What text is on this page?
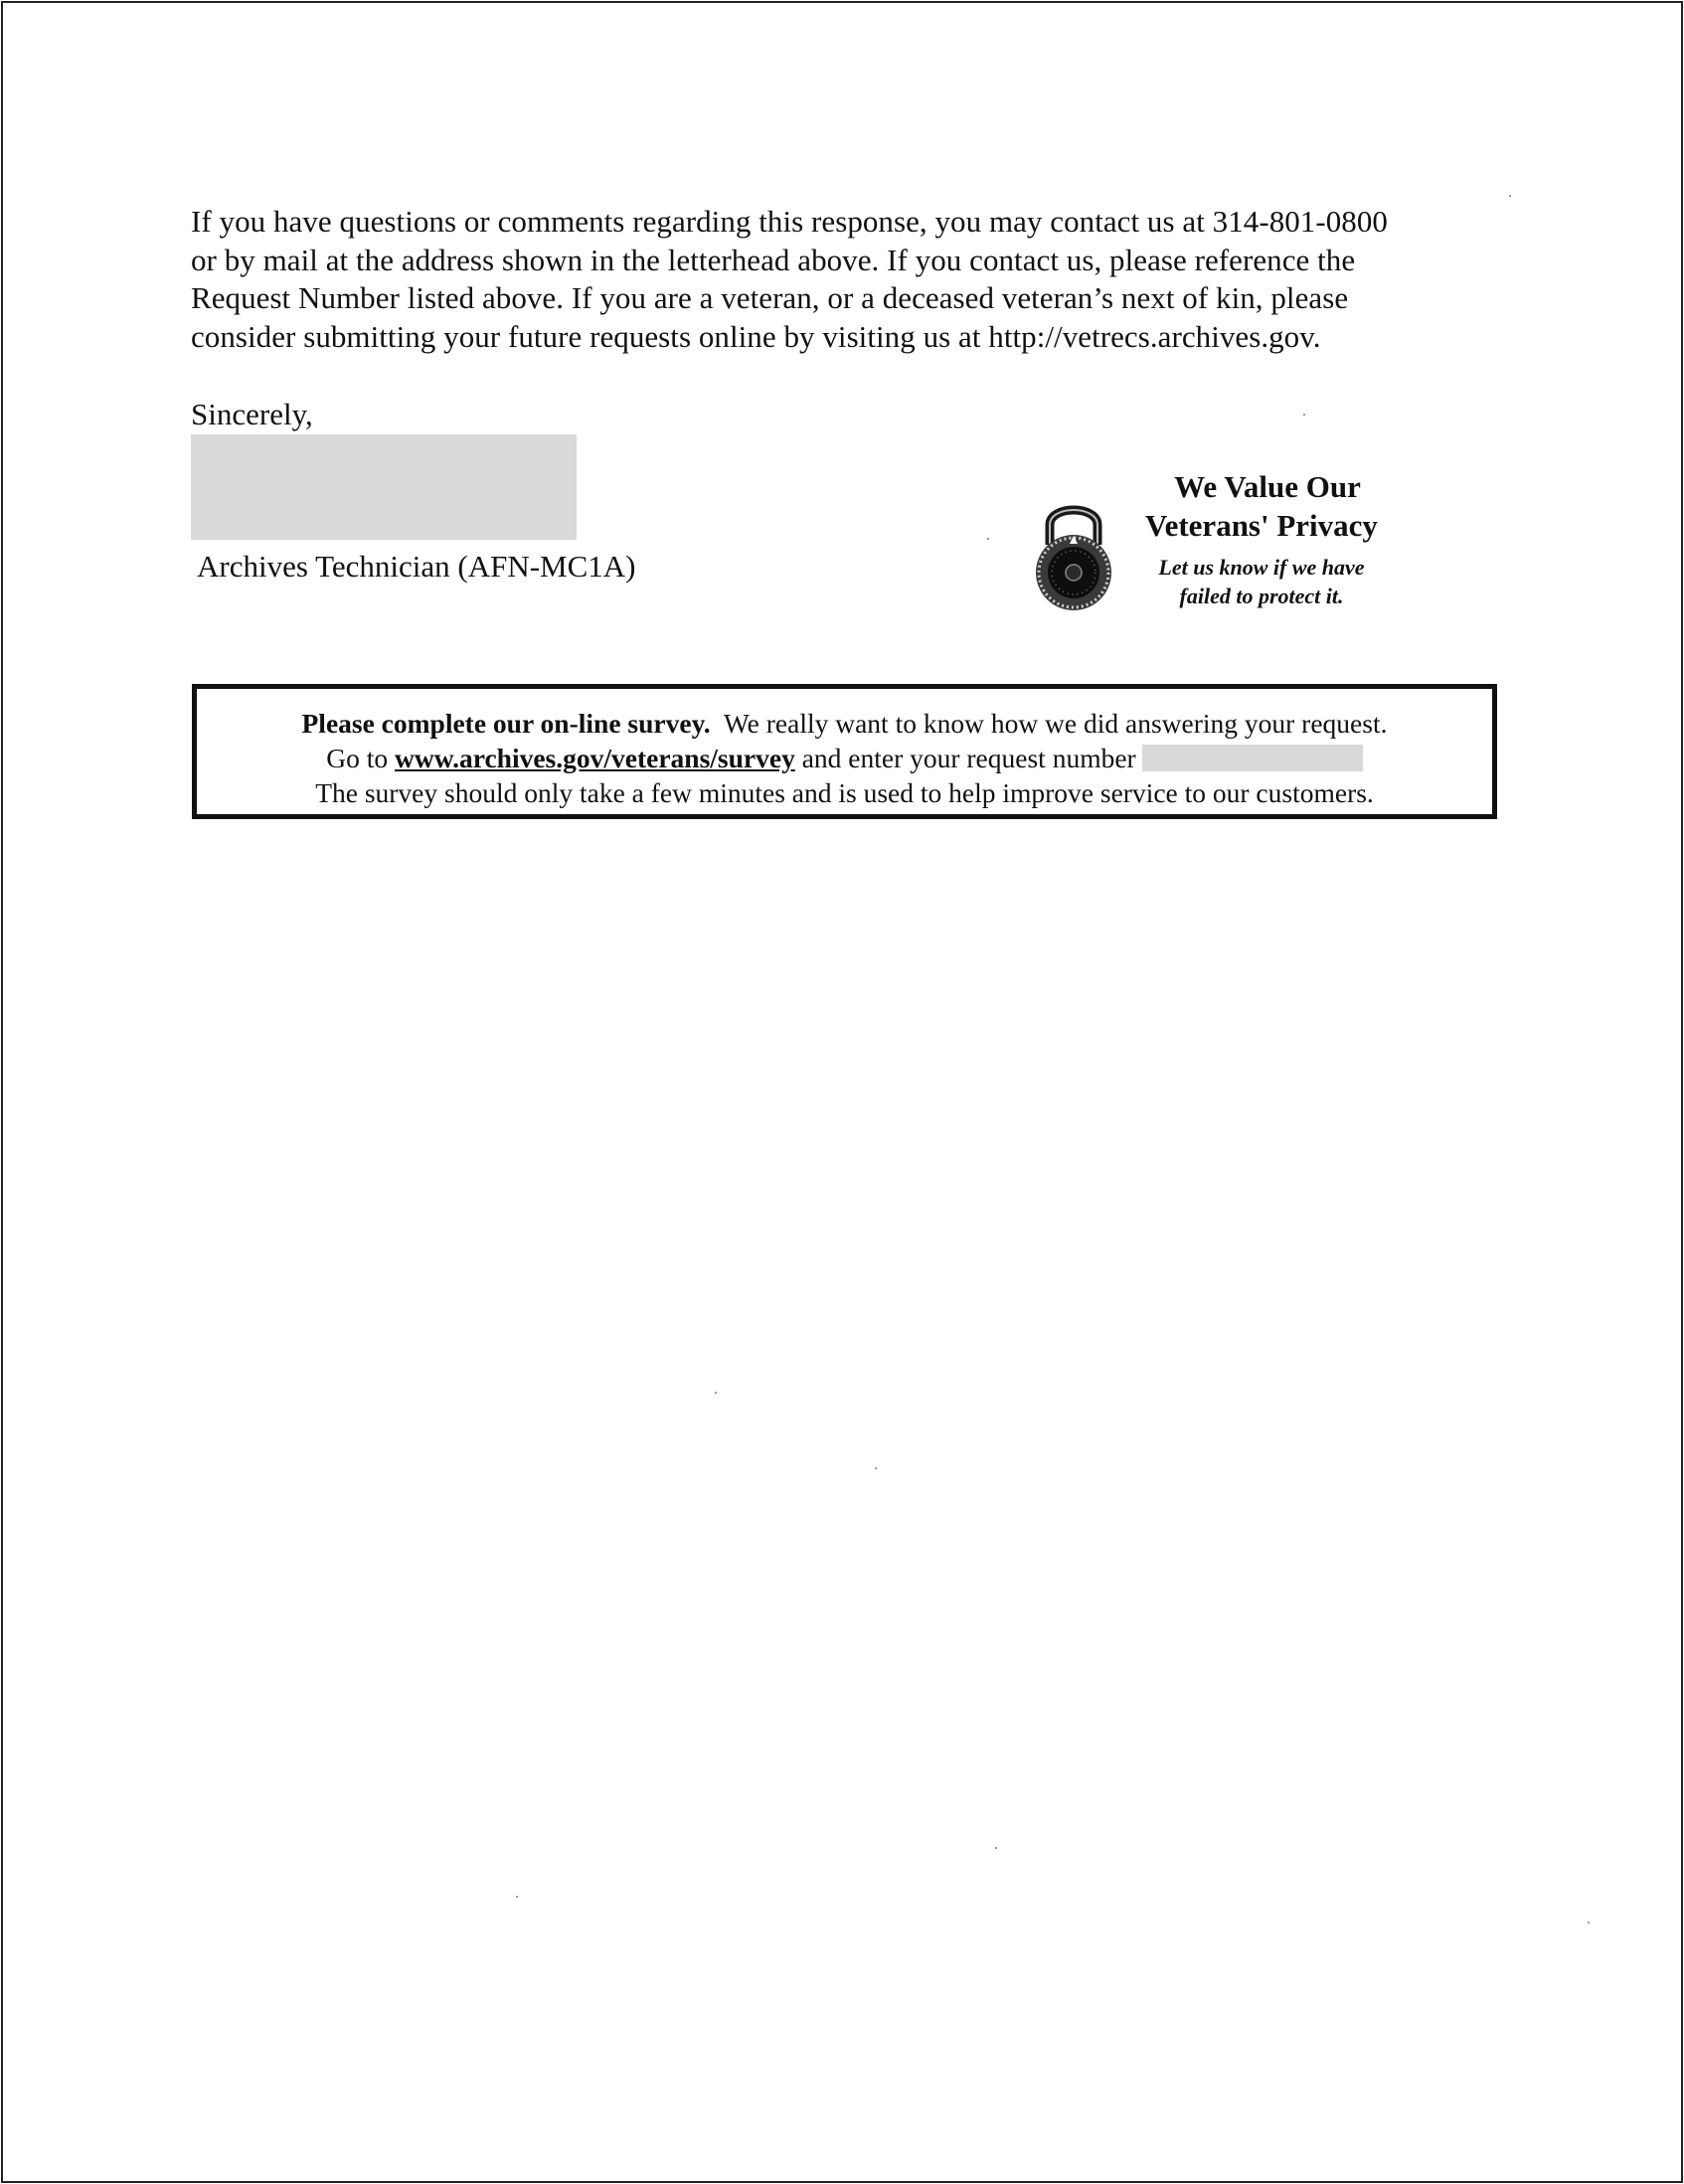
If you have questions or comments regarding this response, you may contact us at 314-801-0800
or by mail at the address shown in the letterhead above. If you contact us, please reference the
Request Number listed above. If you are a veteran, or a deceased veteran’s next of kin, please
consider submitting your future requests online by visiting us at http://vetrecs.archives.gov.
Sincerely,
Archives Technician (AFN-MC1A)
We Value Our
Veterans' Privacy
Let us know if we have
failed to protect it.
Please complete our on-line survey.  We really want to know how we did answering your request.
Go to www.archives.gov/veterans/survey and enter your request number
The survey should only take a few minutes and is used to help improve service to our customers.
